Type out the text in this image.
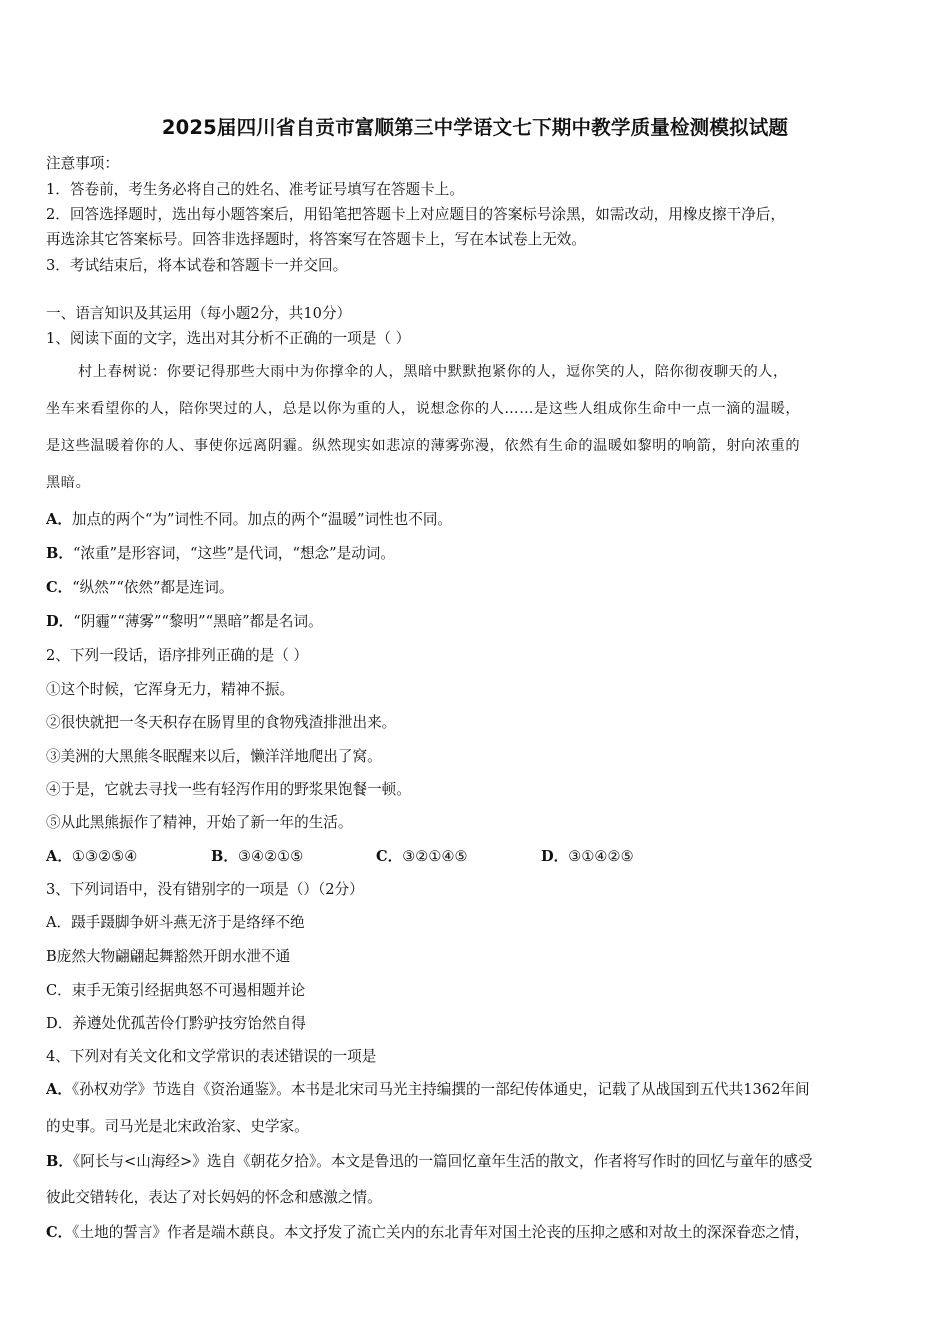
2025届四川省自贡市富顺第三中学语文七下期中教学质量检测模拟试题
注意事项：
1．答卷前，考生务必将自己的姓名、准考证号填写在答题卡上。
2．回答选择题时，选出每小题答案后，用铅笔把答题卡上对应题目的答案标号涂黑，如需改动，用橡皮擦干净后，
再选涂其它答案标号。回答非选择题时，将答案写在答题卡上，写在本试卷上无效。
3．考试结束后，将本试卷和答题卡一并交回。
一、语言知识及其运用（每小题2分，共10分）
1、阅读下面的文字，选出对其分析不正确的一项是（ ）
村上春树说：你要记得那些大雨中为你撑伞的人，黑暗中默默抱紧你的人，逗你笑的人，陪你彻夜聊天的人，
坐车来看望你的人，陪你哭过的人，总是以你为重的人，说想念你的人……是这些人组成你生命中一点一滴的温暖，
是这些温暖着你的人、事使你远离阴霾。纵然现实如悲凉的薄雾弥漫，依然有生命的温暖如黎明的响箭，射向浓重的
黑暗。
A．加点的两个“为”词性不同。加点的两个“温暖”词性也不同。
B．“浓重”是形容词，“这些”是代词，“想念”是动词。
C．“纵然”“依然”都是连词。
D．“阴霾”“薄雾”“黎明”“黑暗”都是名词。
2、下列一段话，语序排列正确的是（ ）
①这个时候，它浑身无力，精神不振。
②很快就把一冬天积存在肠胃里的食物残渣排泄出来。
③美洲的大黑熊冬眠醒来以后，懒洋洋地爬出了窝。
④于是，它就去寻找一些有轻泻作用的野浆果饱餐一顿。
⑤从此黑熊振作了精神，开始了新一年的生活。
A．①③②⑤④	B．③④②①⑤	C．③②①④⑤	D．③①④②⑤
3、下列词语中，没有错别字的一项是（）（2分）
A．蹑手蹑脚争妍斗燕无济于是络绎不绝
B庞然大物翩翩起舞豁然开朗水泄不通
C．束手无策引经据典怒不可遏相题并论
D．养遵处优孤苦伶仃黔驴技穷饴然自得
4、下列对有关文化和文学常识的表述错误的一项是
A．《孙权劝学》节选自《资治通鉴》。本书是北宋司马光主持编撰的一部纪传体通史，记载了从战国到五代共1362年间
的史事。司马光是北宋政治家、史学家。
B．《阿长与<山海经>》选自《朝花夕拾》。本文是鲁迅的一篇回忆童年生活的散文，作者将写作时的回忆与童年的感受
彼此交错转化，表达了对长妈妈的怀念和感激之情。
C．《土地的誓言》作者是端木蕻良。本文抒发了流亡关内的东北青年对国土沦丧的压抑之感和对故土的深深眷恋之情，
